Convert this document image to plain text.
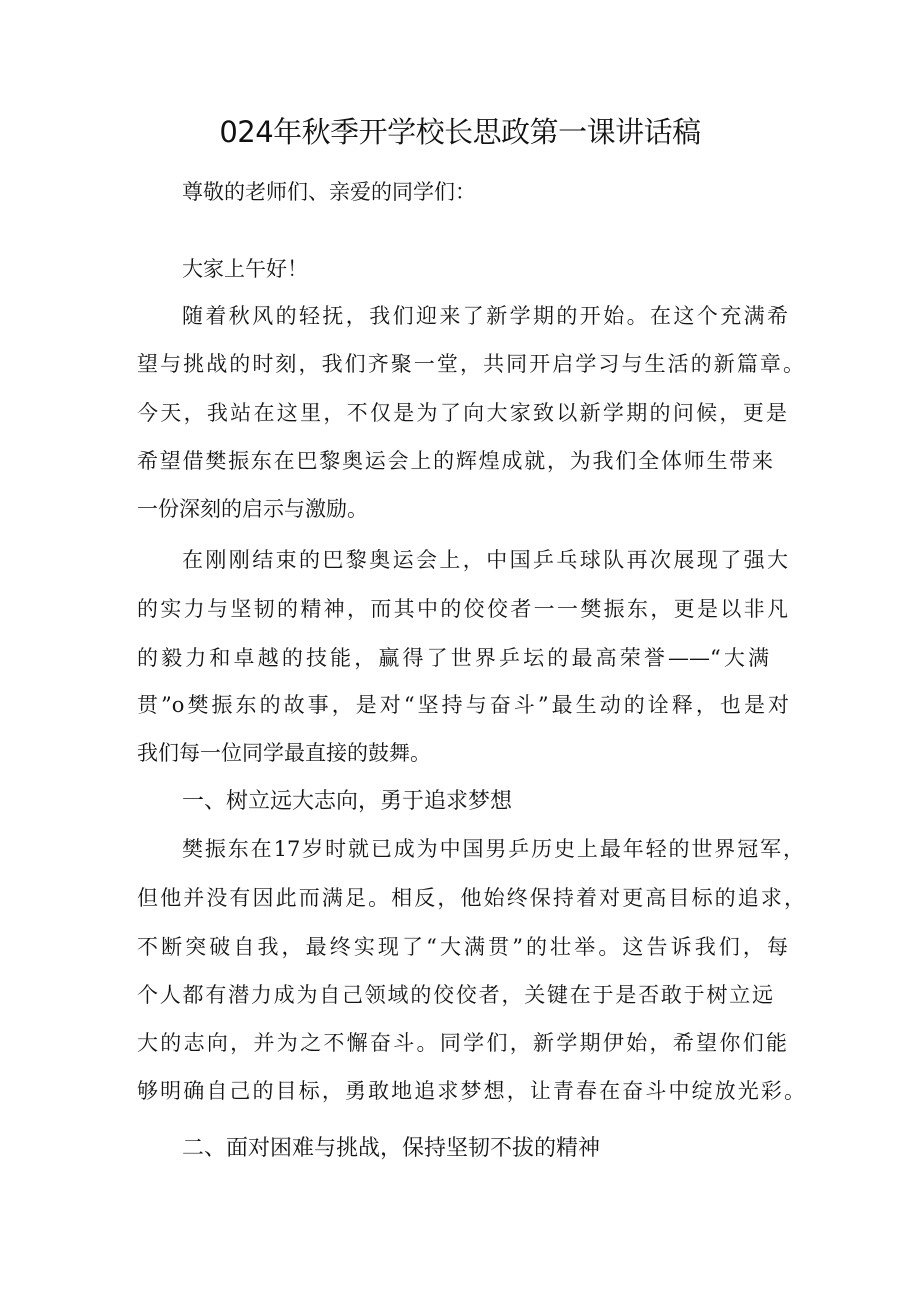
024年秋季开学校长思政第一课讲话稿
尊敬的老师们、亲爱的同学们：
大家上午好！
随着秋风的轻抚，我们迎来了新学期的开始。在这个充满希
望与挑战的时刻，我们齐聚一堂，共同开启学习与生活的新篇章。
今天，我站在这里，不仅是为了向大家致以新学期的问候，更是
希望借樊振东在巴黎奥运会上的辉煌成就，为我们全体师生带来
一份深刻的启示与激励。
在刚刚结束的巴黎奥运会上，中国乒乓球队再次展现了强大
的实力与坚韧的精神，而其中的佼佼者一一樊振东，更是以非凡
的毅力和卓越的技能，赢得了世界乒坛的最高荣誉——“大满
贯”o樊振东的故事，是对“坚持与奋斗”最生动的诠释，也是对
我们每一位同学最直接的鼓舞。
一、树立远大志向，勇于追求梦想
樊振东在17岁时就已成为中国男乒历史上最年轻的世界冠军，
但他并没有因此而满足。相反，他始终保持着对更高目标的追求，
不断突破自我，最终实现了“大满贯”的壮举。这告诉我们，每
个人都有潜力成为自己领域的佼佼者，关键在于是否敢于树立远
大的志向，并为之不懈奋斗。同学们，新学期伊始，希望你们能
够明确自己的目标，勇敢地追求梦想，让青春在奋斗中绽放光彩。
二、面对困难与挑战，保持坚韧不拔的精神
